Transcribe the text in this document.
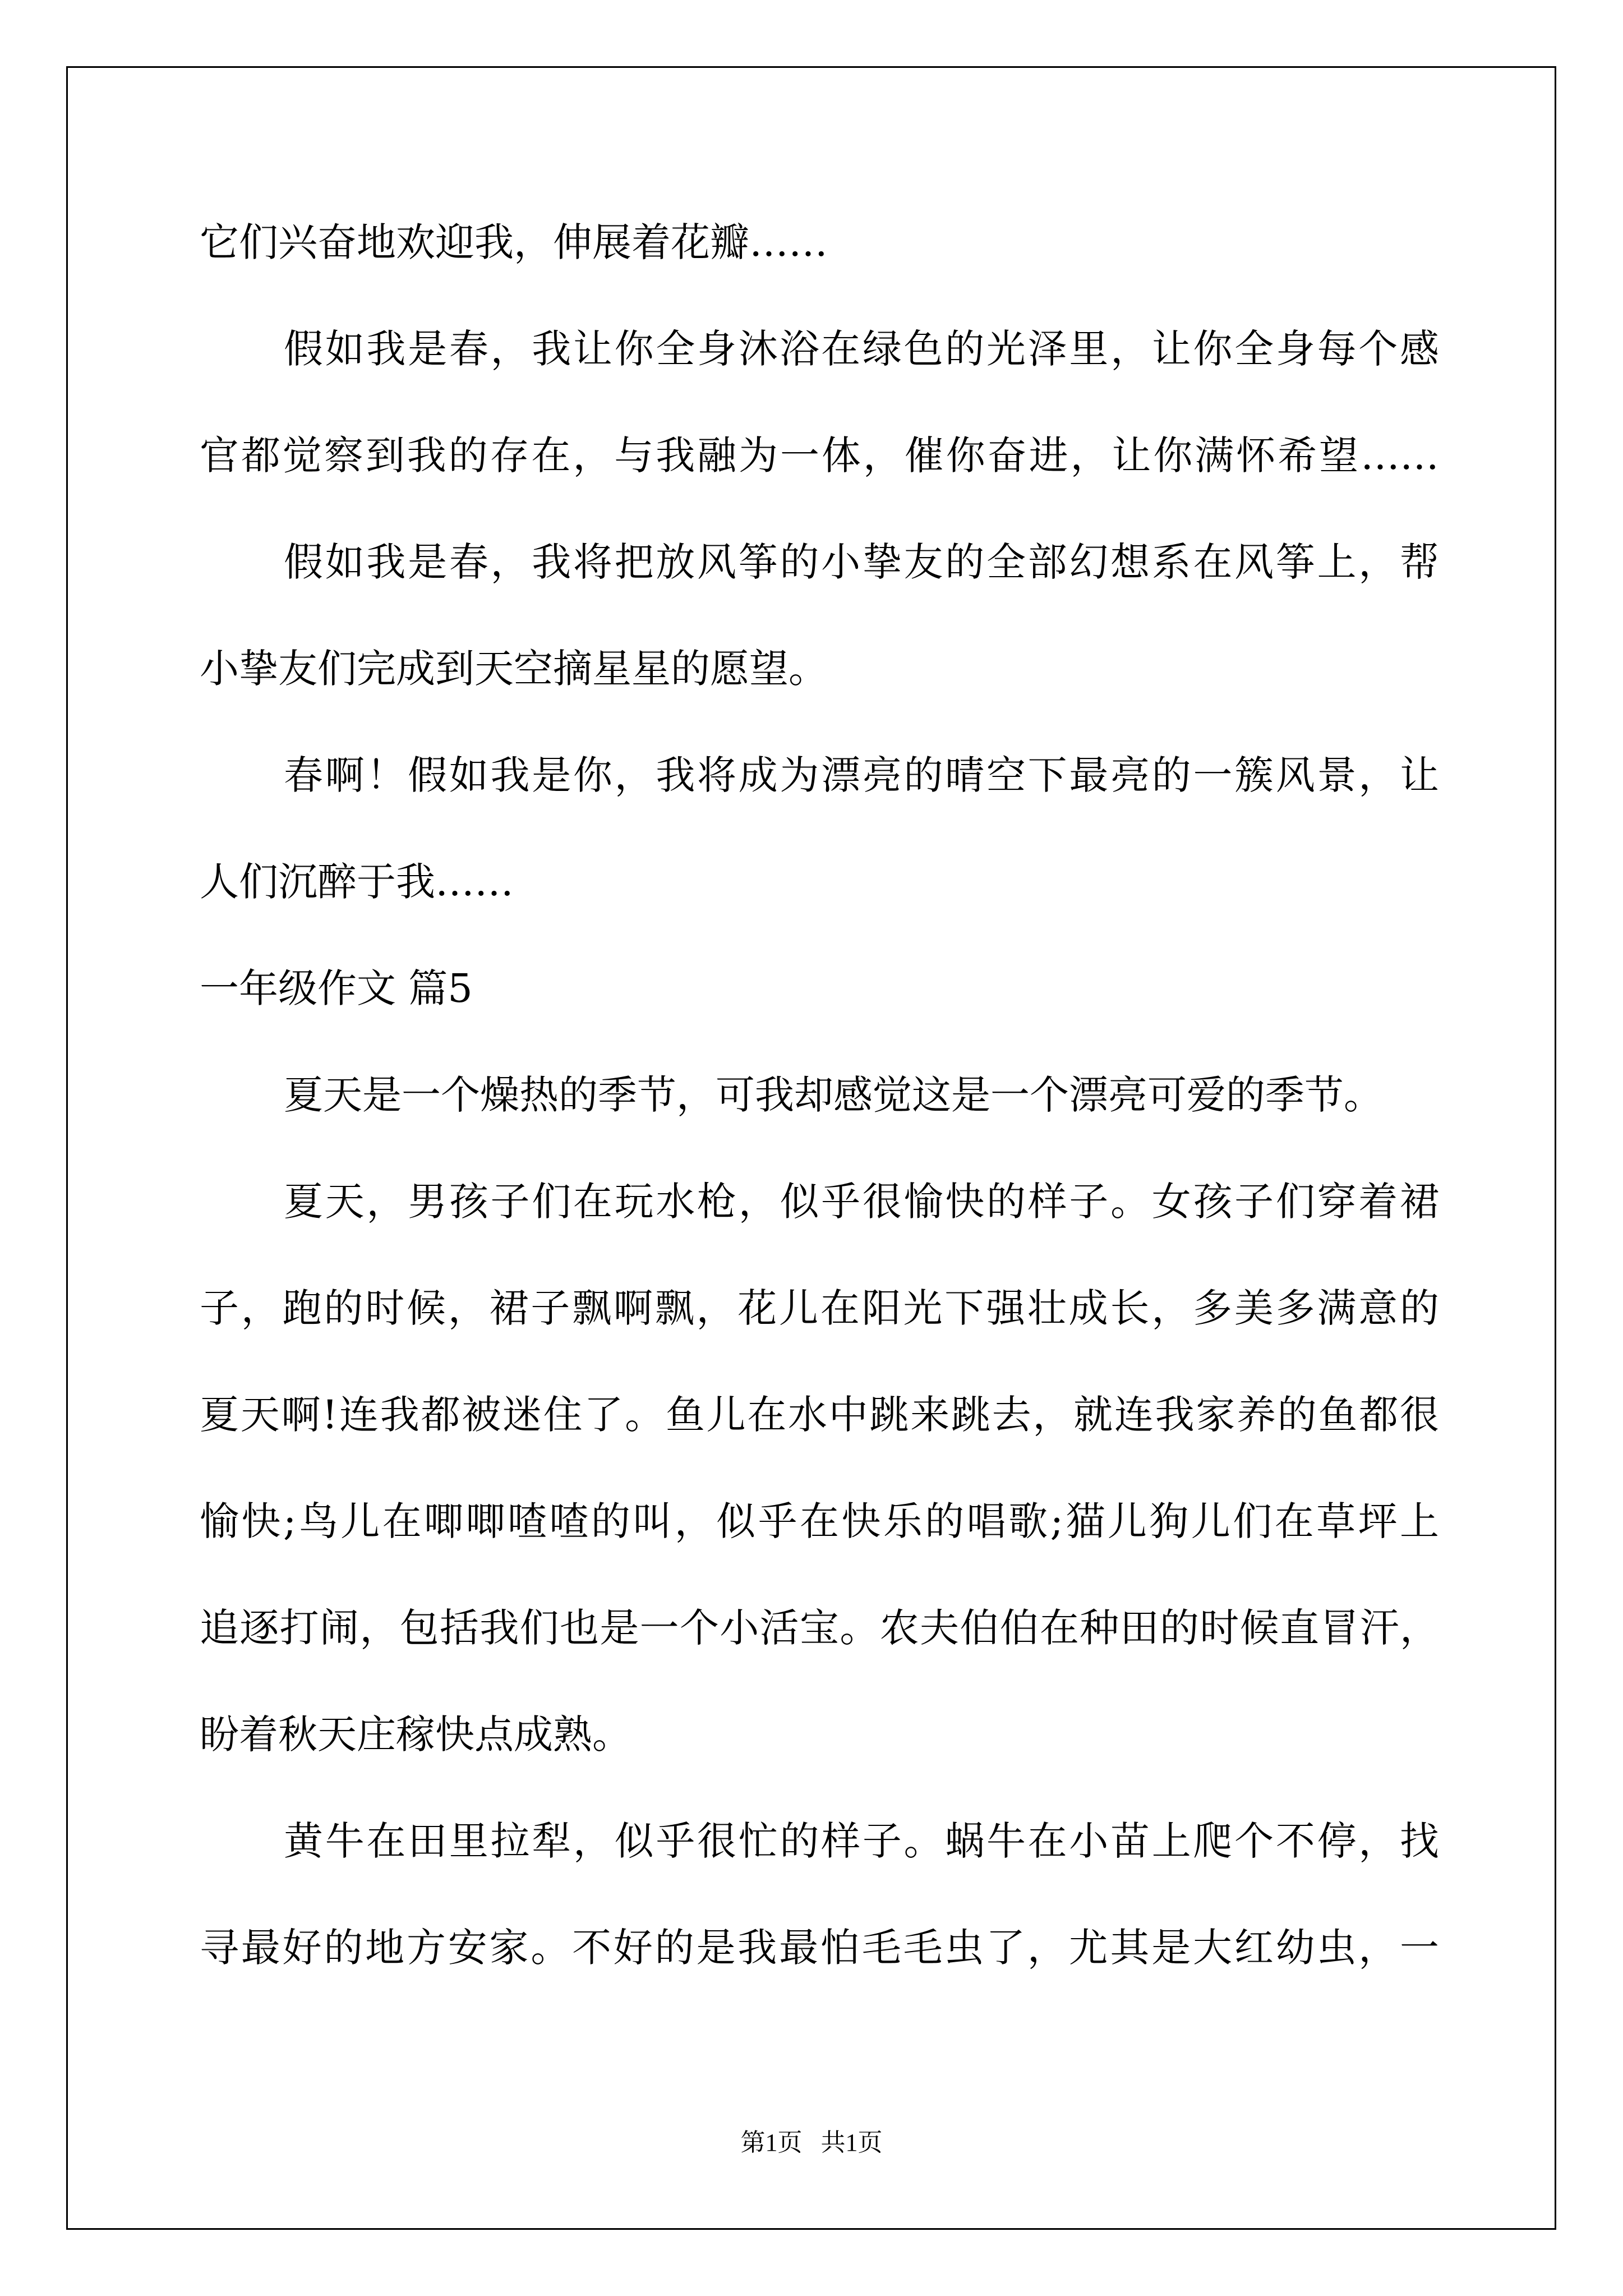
它们兴奋地欢迎我，伸展着花瓣……
假如我是春，我让你全身沐浴在绿色的光泽里，让你全身每个感
官都觉察到我的存在，与我融为一体，催你奋进，让你满怀希望……
假如我是春，我将把放风筝的小挚友的全部幻想系在风筝上，帮
小挚友们完成到天空摘星星的愿望。
春啊！假如我是你，我将成为漂亮的晴空下最亮的一簇风景，让
人们沉醉于我……
一年级作文 篇5
夏天是一个燥热的季节，可我却感觉这是一个漂亮可爱的季节。
夏天，男孩子们在玩水枪，似乎很愉快的样子。女孩子们穿着裙
子，跑的时候，裙子飘啊飘，花儿在阳光下强壮成长，多美多满意的
夏天啊!连我都被迷住了。鱼儿在水中跳来跳去，就连我家养的鱼都很
愉快;鸟儿在唧唧喳喳的叫，似乎在快乐的唱歌;猫儿狗儿们在草坪上
追逐打闹，包括我们也是一个小活宝。农夫伯伯在种田的时候直冒汗，
盼着秋天庄稼快点成熟。
黄牛在田里拉犁，似乎很忙的样子。蜗牛在小苗上爬个不停，找
寻最好的地方安家。不好的是我最怕毛毛虫了，尤其是大红幼虫，一
第1页   共1页
